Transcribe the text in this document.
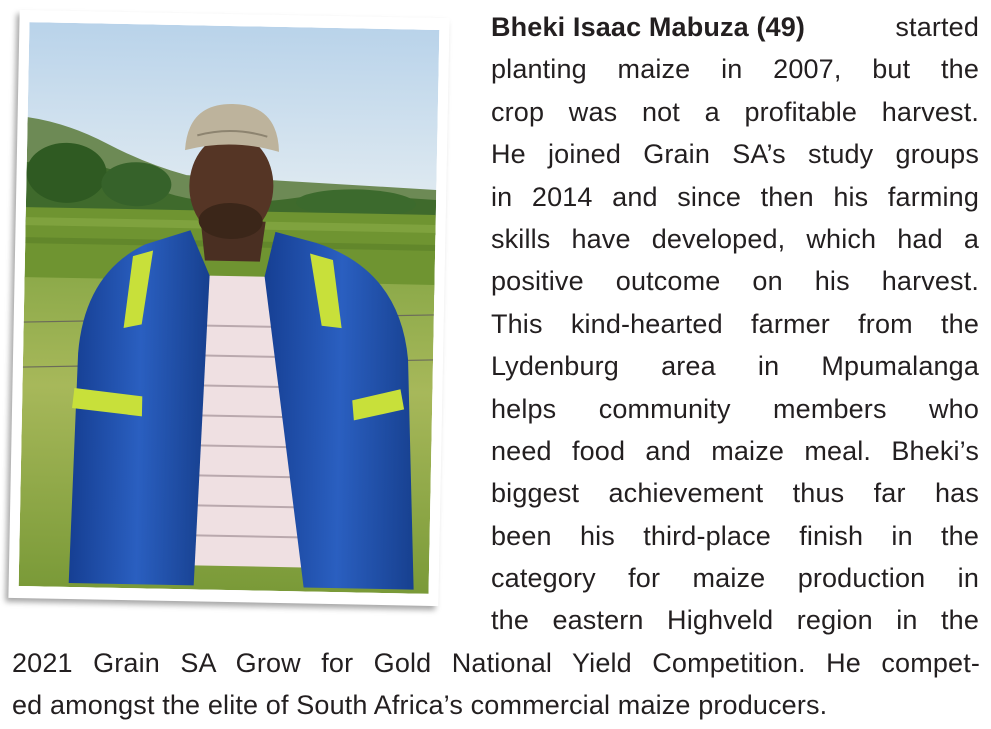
Bheki Isaac Mabuza (49)	started
planting maize in 2007, but the
crop was not a profitable harvest.
He joined Grain SA’s study groups
in 2014 and since then his farming
skills have developed, which had a
positive outcome on his harvest.
This kind-hearted farmer from the
Lydenburg area in Mpumalanga
helps community members who
need food and maize meal. Bheki’s
biggest achievement thus far has
been his third-place finish in the
category for maize production in
the eastern Highveld region in the
2021 Grain SA Grow for Gold National Yield Competition. He compet-
ed amongst the elite of South Africa’s commercial maize producers.
